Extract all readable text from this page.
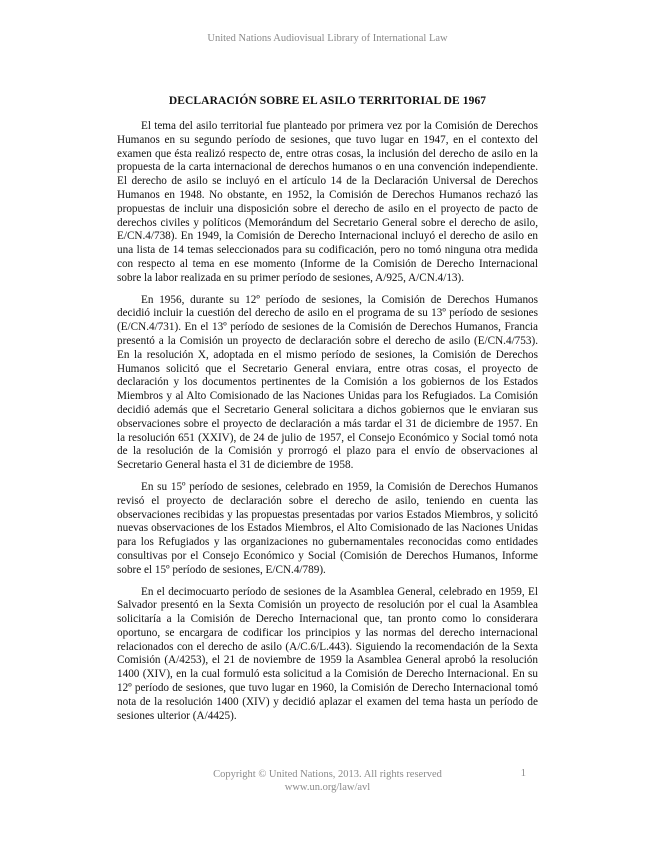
United Nations Audiovisual Library of International Law
DECLARACIÓN SOBRE EL ASILO TERRITORIAL DE 1967

El tema del asilo territorial fue planteado por primera vez por la Comisión de Derechos Humanos en su segundo período de sesiones, que tuvo lugar en 1947, en el contexto del examen que ésta realizó respecto de, entre otras cosas, la inclusión del derecho de asilo en la propuesta de la carta internacional de derechos humanos o en una convención independiente. El derecho de asilo se incluyó en el artículo 14 de la Declaración Universal de Derechos Humanos en 1948. No obstante, en 1952, la Comisión de Derechos Humanos rechazó las propuestas de incluir una disposición sobre el derecho de asilo en el proyecto de pacto de derechos civiles y políticos (Memorándum del Secretario General sobre el derecho de asilo, E/CN.4/738). En 1949, la Comisión de Derecho Internacional incluyó el derecho de asilo en una lista de 14 temas seleccionados para su codificación, pero no tomó ninguna otra medida con respecto al tema en ese momento (Informe de la Comisión de Derecho Internacional sobre la labor realizada en su primer período de sesiones, A/925, A/CN.4/13).

En 1956, durante su 12º período de sesiones, la Comisión de Derechos Humanos decidió incluir la cuestión del derecho de asilo en el programa de su 13º período de sesiones (E/CN.4/731). En el 13º período de sesiones de la Comisión de Derechos Humanos, Francia presentó a la Comisión un proyecto de declaración sobre el derecho de asilo (E/CN.4/753). En la resolución X, adoptada en el mismo período de sesiones, la Comisión de Derechos Humanos solicitó que el Secretario General enviara, entre otras cosas, el proyecto de declaración y los documentos pertinentes de la Comisión a los gobiernos de los Estados Miembros y al Alto Comisionado de las Naciones Unidas para los Refugiados. La Comisión decidió además que el Secretario General solicitara a dichos gobiernos que le enviaran sus observaciones sobre el proyecto de declaración a más tardar el 31 de diciembre de 1957. En la resolución 651 (XXIV), de 24 de julio de 1957, el Consejo Económico y Social tomó nota de la resolución de la Comisión y prorrogó el plazo para el envío de observaciones al Secretario General hasta el 31 de diciembre de 1958.

En su 15º período de sesiones, celebrado en 1959, la Comisión de Derechos Humanos revisó el proyecto de declaración sobre el derecho de asilo, teniendo en cuenta las observaciones recibidas y las propuestas presentadas por varios Estados Miembros, y solicitó nuevas observaciones de los Estados Miembros, el Alto Comisionado de las Naciones Unidas para los Refugiados y las organizaciones no gubernamentales reconocidas como entidades consultivas por el Consejo Económico y Social (Comisión de Derechos Humanos, Informe sobre el 15º período de sesiones, E/CN.4/789).

En el decimocuarto período de sesiones de la Asamblea General, celebrado en 1959, El Salvador presentó en la Sexta Comisión un proyecto de resolución por el cual la Asamblea solicitaría a la Comisión de Derecho Internacional que, tan pronto como lo considerara oportuno, se encargara de codificar los principios y las normas del derecho internacional relacionados con el derecho de asilo (A/C.6/L.443). Siguiendo la recomendación de la Sexta Comisión (A/4253), el 21 de noviembre de 1959 la Asamblea General aprobó la resolución 1400 (XIV), en la cual formuló esta solicitud a la Comisión de Derecho Internacional. En su 12º período de sesiones, que tuvo lugar en 1960, la Comisión de Derecho Internacional tomó nota de la resolución 1400 (XIV) y decidió aplazar el examen del tema hasta un período de sesiones ulterior (A/4425).

Copyright © United Nations, 2013. All rights reserved
www.un.org/law/avl
1
